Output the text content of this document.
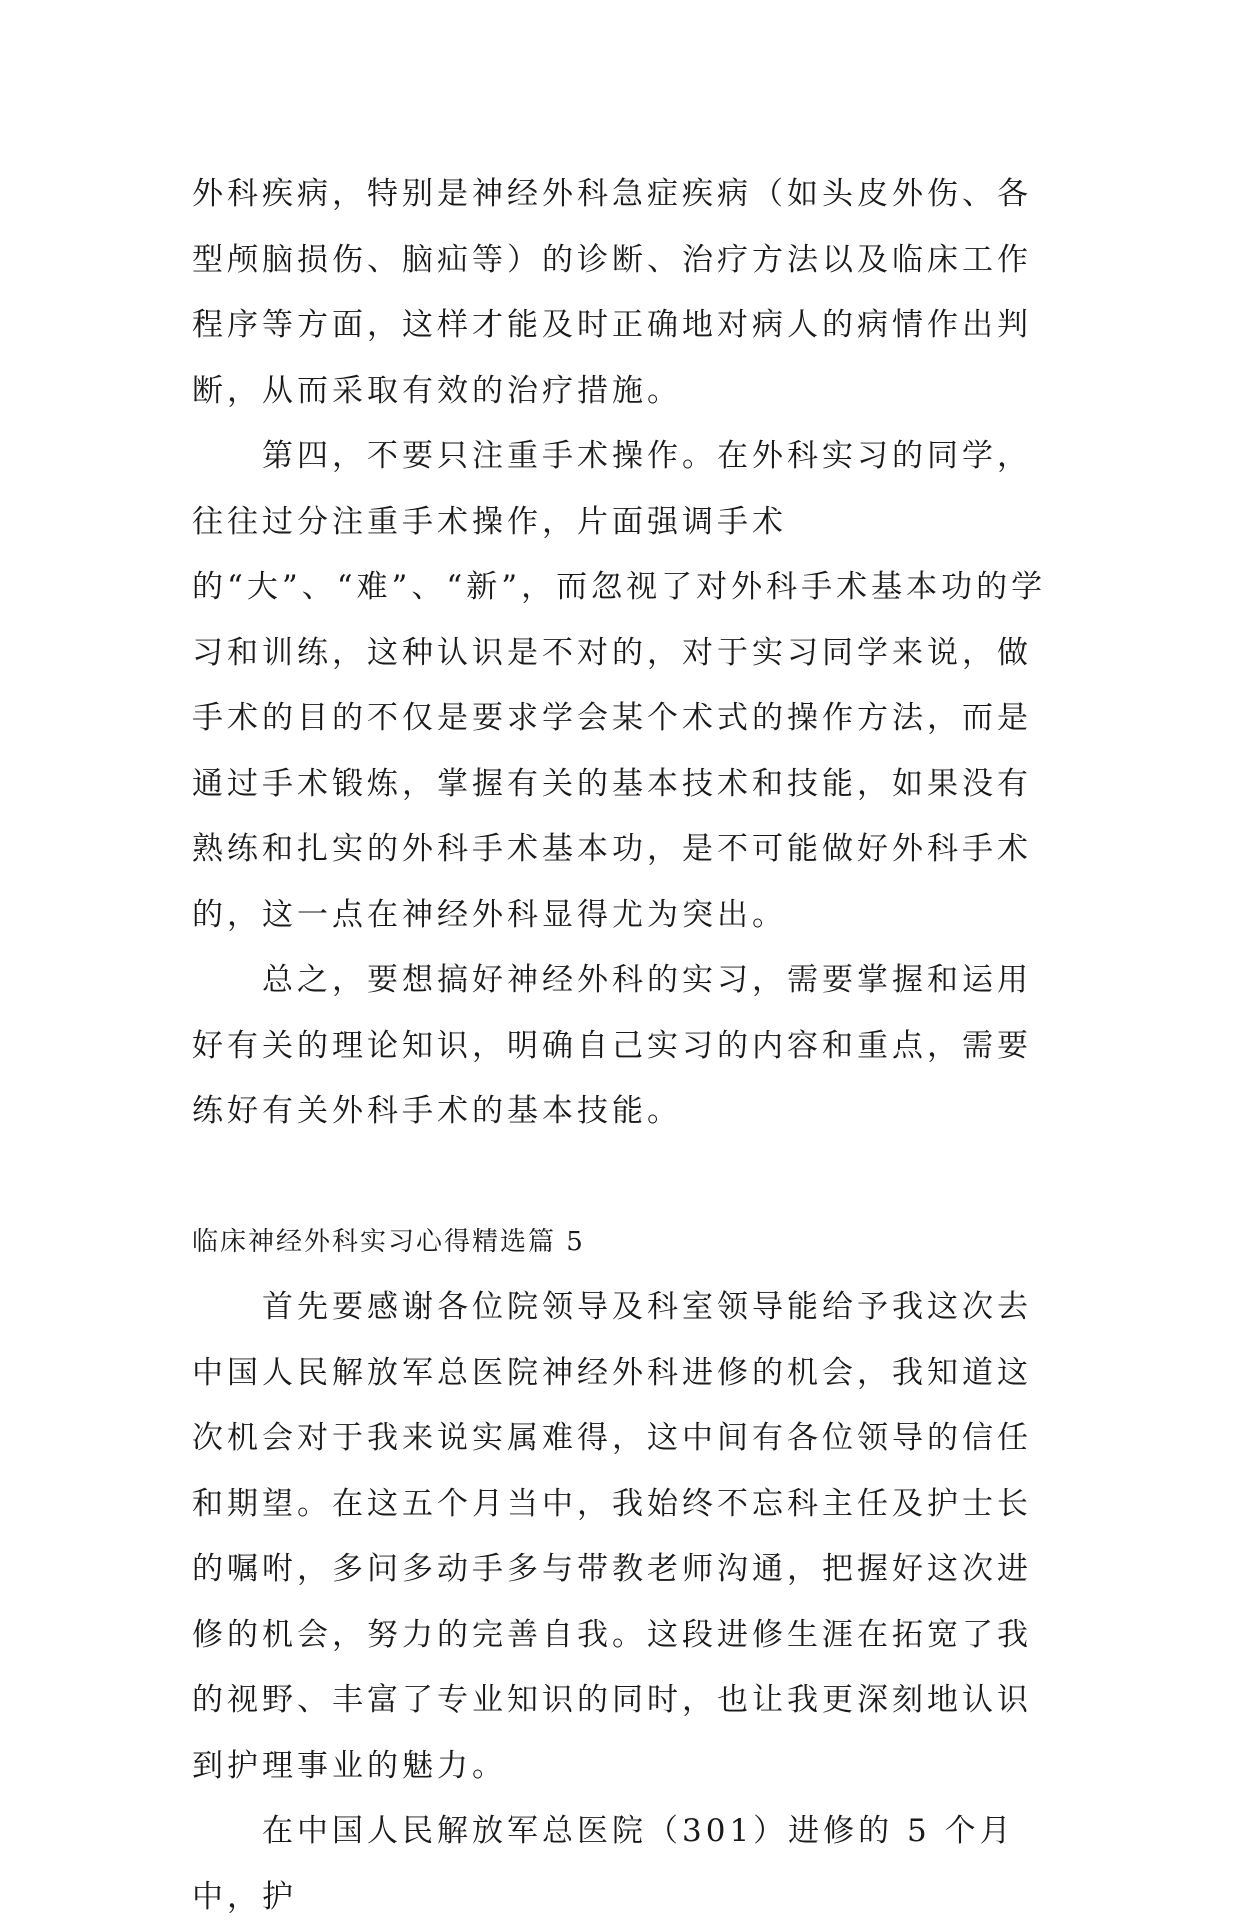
外科疾病，特别是神经外科急症疾病（如头皮外伤、各型颅脑损伤、脑疝等）的诊断、治疗方法以及临床工作程序等方面，这样才能及时正确地对病人的病情作出判断，从而采取有效的治疗措施。

　　第四，不要只注重手术操作。在外科实习的同学，往往过分注重手术操作，片面强调手术的“大”、“难”、“新”，而忽视了对外科手术基本功的学习和训练，这种认识是不对的，对于实习同学来说，做手术的目的不仅是要求学会某个术式的操作方法，而是通过手术锻炼，掌握有关的基本技术和技能，如果没有熟练和扎实的外科手术基本功，是不可能做好外科手术的，这一点在神经外科显得尤为突出。

　　总之，要想搞好神经外科的实习，需要掌握和运用好有关的理论知识，明确自己实习的内容和重点，需要练好有关外科手术的基本技能。

临床神经外科实习心得精选篇 5

　　首先要感谢各位院领导及科室领导能给予我这次去中国人民解放军总医院神经外科进修的机会，我知道这次机会对于我来说实属难得，这中间有各位领导的信任和期望。在这五个月当中，我始终不忘科主任及护士长的嘱咐，多问多动手多与带教老师沟通，把握好这次进修的机会，努力的完善自我。这段进修生涯在拓宽了我的视野、丰富了专业知识的同时，也让我更深刻地认识到护理事业的魅力。

　　在中国人民解放军总医院（301）进修的 5 个月中，护
